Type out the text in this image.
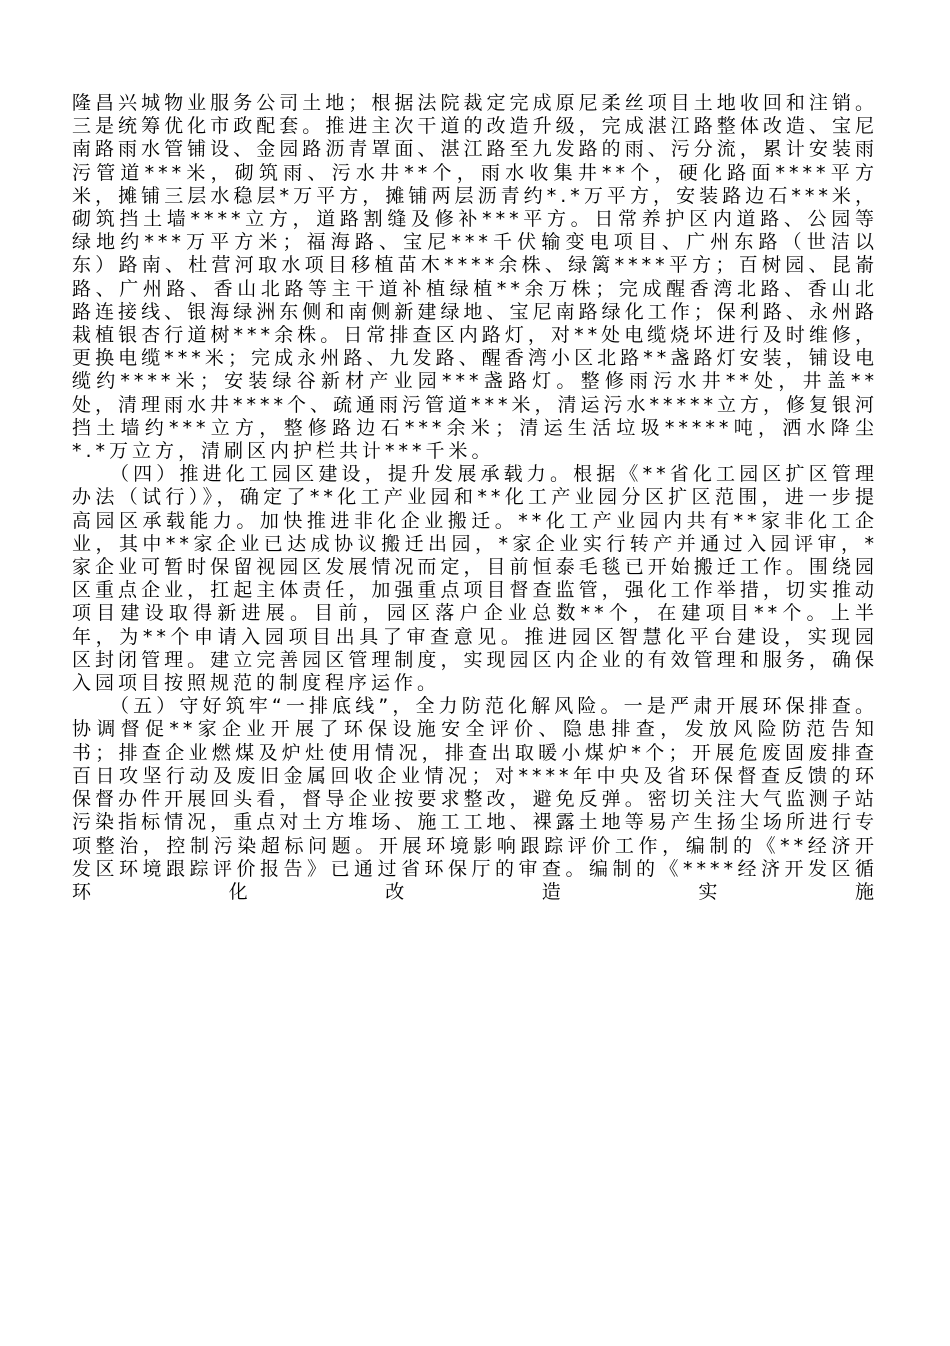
隆昌兴城物业服务公司土地；根据法院裁定完成原尼柔丝项目土地收回和注销。三是统筹优化市政配套。推进主次干道的改造升级，完成湛江路整体改造、宝尼南路雨水管铺设、金园路沥青罩面、湛江路至九发路的雨、污分流，累计安装雨污管道***米，砌筑雨、污水井**个，雨水收集井**个，硬化路面****平方米，摊铺三层水稳层*万平方，摊铺两层沥青约*.*万平方，安装路边石***米，砌筑挡土墙****立方，道路割缝及修补***平方。日常养护区内道路、公园等绿地约***万平方米；福海路、宝尼***千伏输变电项目、广州东路（世洁以东）路南、杜营河取水项目移植苗木****余株、绿篱****平方；百树园、昆嵛路、广州路、香山北路等主干道补植绿植**余万株；完成醒香湾北路、香山北路连接线、银海绿洲东侧和南侧新建绿地、宝尼南路绿化工作；保利路、永州路栽植银杏行道树***余株。日常排查区内路灯，对**处电缆烧坏进行及时维修，更换电缆***米；完成永州路、九发路、醒香湾小区北路**盏路灯安装，铺设电缆约****米；安装绿谷新材产业园***盏路灯。整修雨污水井**处，井盖**处，清理雨水井****个、疏通雨污管道***米，清运污水*****立方，修复银河挡土墙约***立方，整修路边石***余米；清运生活垃圾*****吨，洒水降尘*.*万立方，清刷区内护栏共计***千米。

（四）推进化工园区建设，提升发展承载力。根据《**省化工园区扩区管理办法（试行）》，确定了**化工产业园和**化工产业园分区扩区范围，进一步提高园区承载能力。加快推进非化企业搬迁。**化工产业园内共有**家非化工企业，其中**家企业已达成协议搬迁出园，*家企业实行转产并通过入园评审，*家企业可暂时保留视园区发展情况而定，目前恒泰毛毯已开始搬迁工作。围绕园区重点企业，扛起主体责任，加强重点项目督查监管，强化工作举措，切实推动项目建设取得新进展。目前，园区落户企业总数**个，在建项目**个。上半年，为**个申请入园项目出具了审查意见。推进园区智慧化平台建设，实现园区封闭管理。建立完善园区管理制度，实现园区内企业的有效管理和服务，确保入园项目按照规范的制度程序运作。

（五）守好筑牢“一排底线”，全力防范化解风险。一是严肃开展环保排查。协调督促**家企业开展了环保设施安全评价、隐患排查，发放风险防范告知书；排查企业燃煤及炉灶使用情况，排查出取暖小煤炉*个；开展危废固废排查百日攻坚行动及废旧金属回收企业情况；对****年中央及省环保督查反馈的环保督办件开展回头看，督导企业按要求整改，避免反弹。密切关注大气监测子站污染指标情况，重点对土方堆场、施工工地、裸露土地等易产生扬尘场所进行专项整治，控制污染超标问题。开展环境影响跟踪评价工作，编制的《**经济开发区环境跟踪评价报告》已通过省环保厅的审查。编制的《****经济开发区循环化改造实施
